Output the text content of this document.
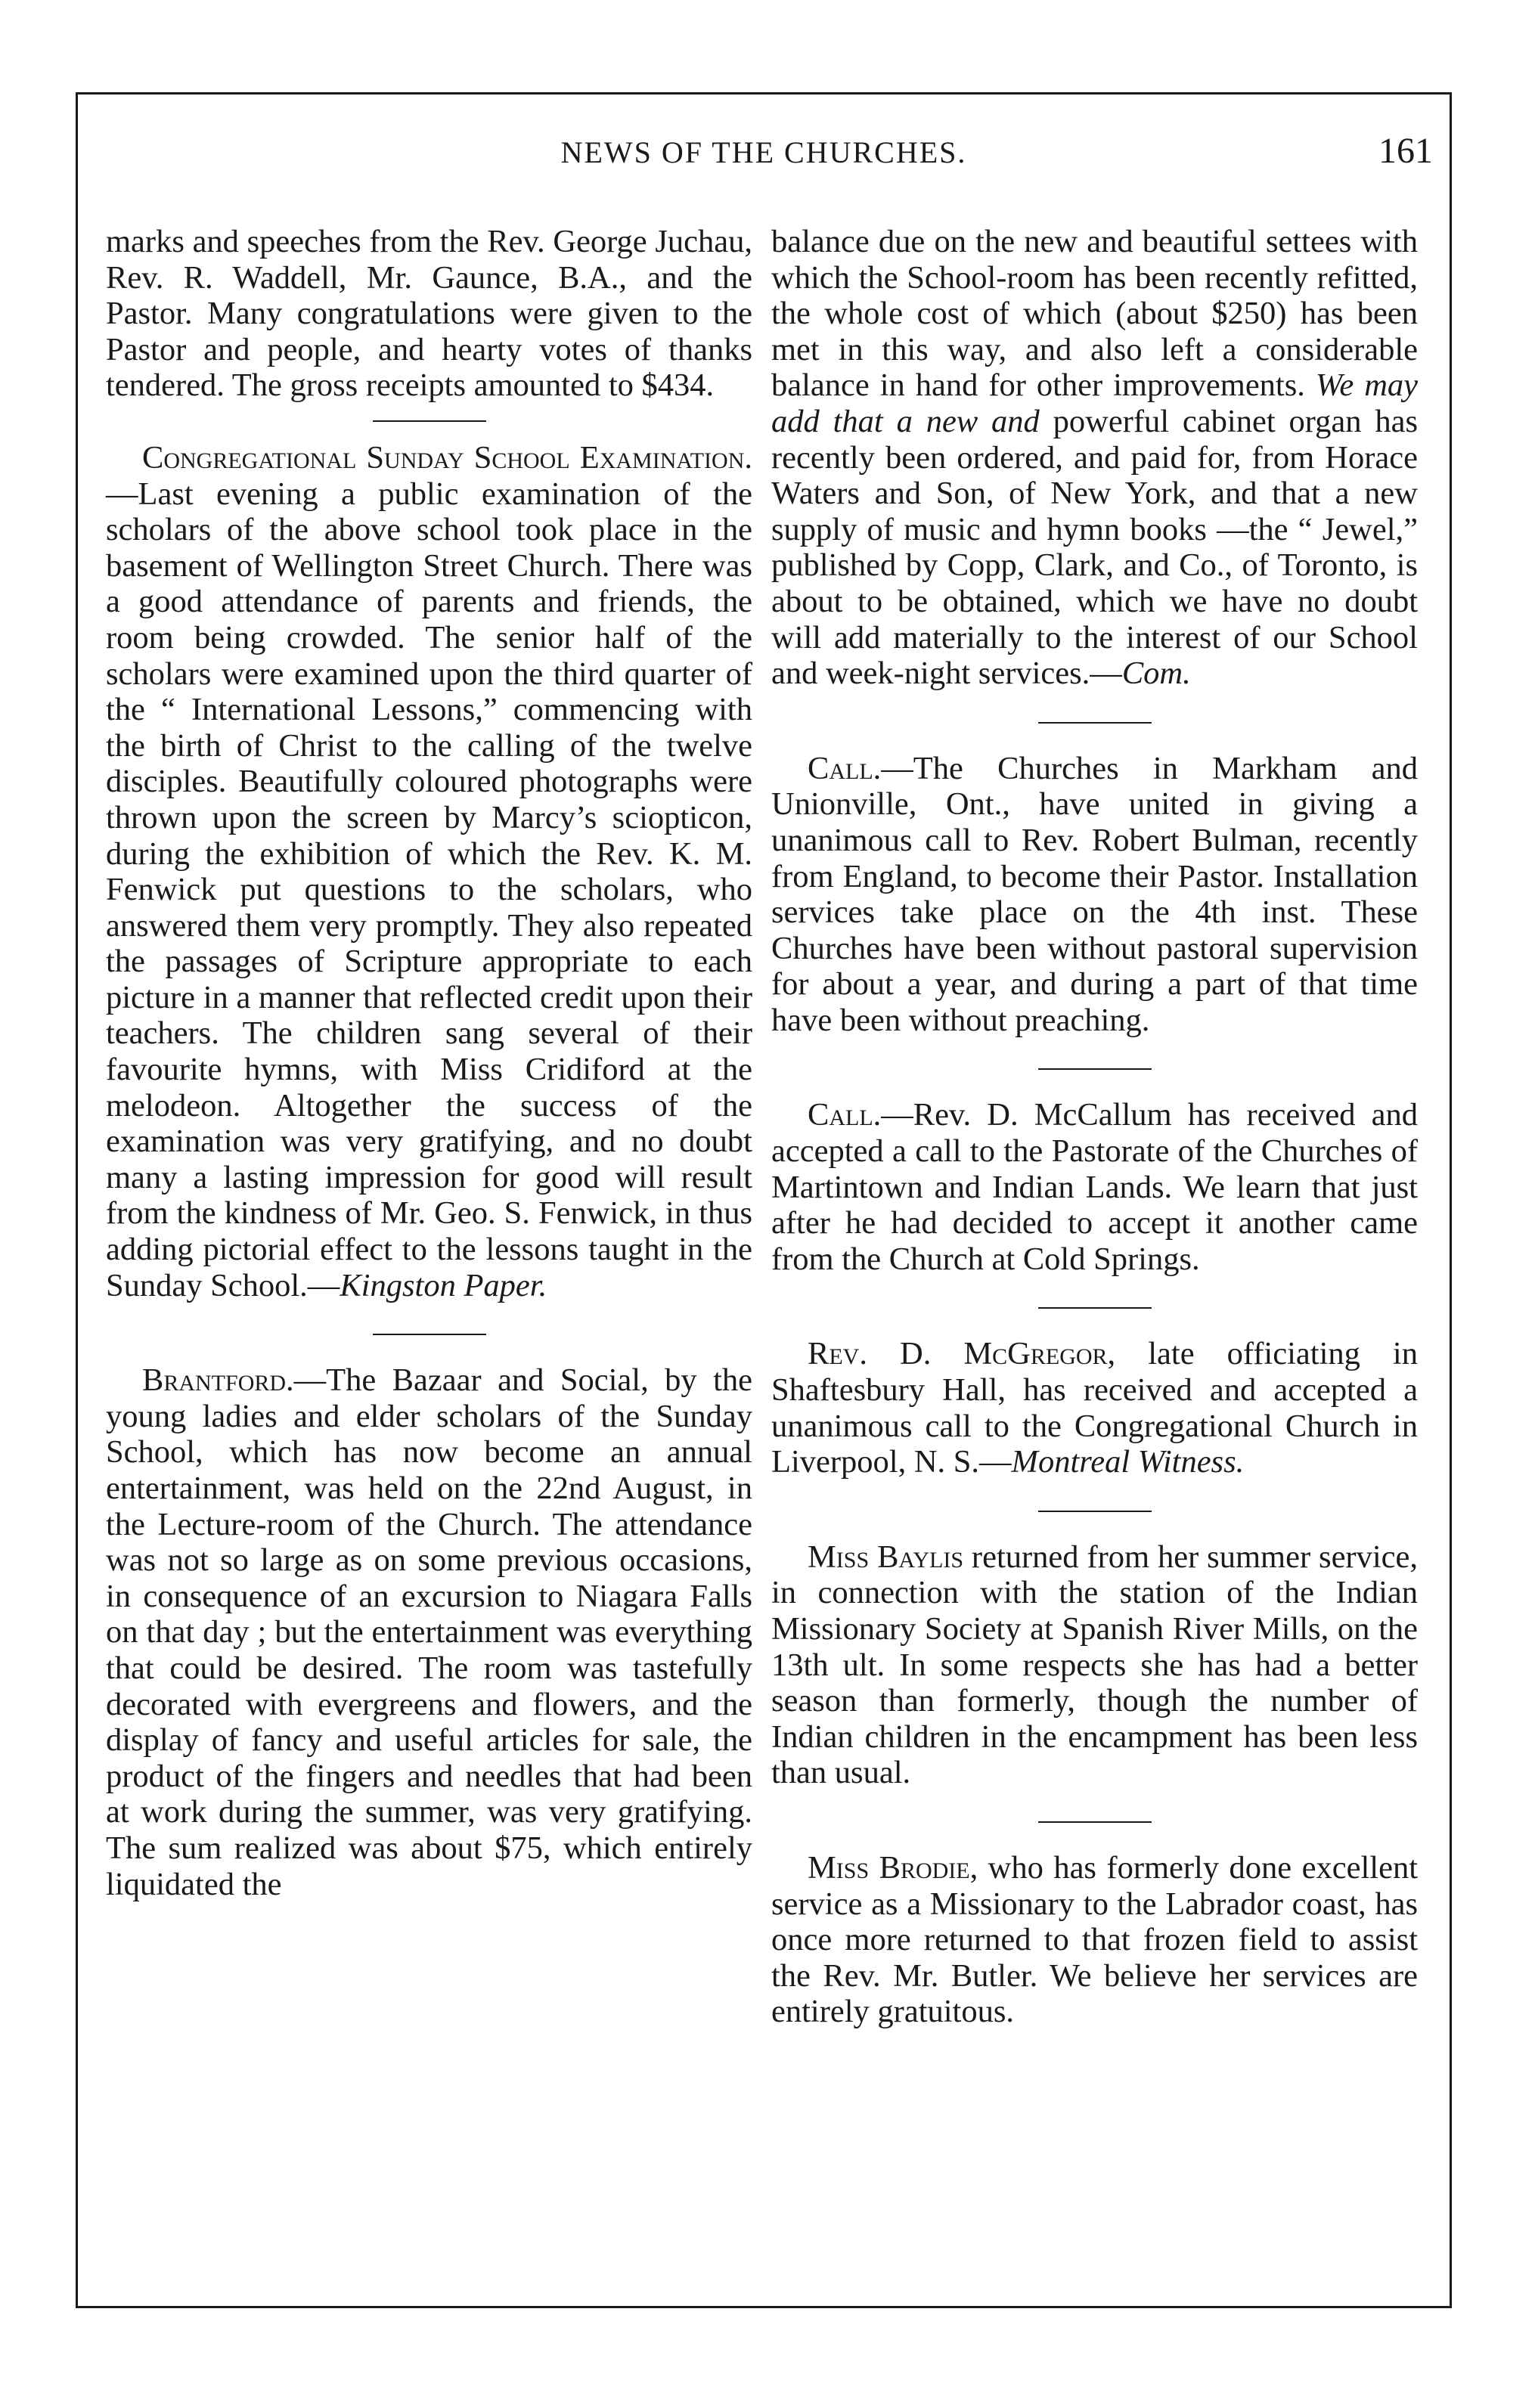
NEWS OF THE CHURCHES.	161

marks and speeches from the Rev. George Juchau, Rev. R. Waddell, Mr. Gaunce, B.A., and the Pastor. Many congratulations were given to the Pastor and people, and hearty votes of thanks tendered. The gross receipts amounted to $434.

Congregational Sunday School Examination.—Last evening a public examination of the scholars of the above school took place in the basement of Wellington Street Church. There was a good attendance of parents and friends, the room being crowded. The senior half of the scholars were examined upon the third quarter of the “ International Lessons,” commencing with the birth of Christ to the calling of the twelve disciples. Beautifully coloured photographs were thrown upon the screen by Marcy’s sciopticon, during the exhibition of which the Rev. K. M. Fenwick put questions to the scholars, who answered them very promptly. They also repeated the passages of Scripture appropriate to each picture in a manner that reflected credit upon their teachers. The children sang several of their favourite hymns, with Miss Cridiford at the melodeon. Altogether the success of the examination was very gratifying, and no doubt many a lasting impression for good will result from the kindness of Mr. Geo. S. Fenwick, in thus adding pictorial effect to the lessons taught in the Sunday School.—Kingston Paper.

Brantford.—The Bazaar and Social, by the young ladies and elder scholars of the Sunday School, which has now become an annual entertainment, was held on the 22nd August, in the Lecture-room of the Church. The attendance was not so large as on some previous occasions, in consequence of an excursion to Niagara Falls on that day ; but the entertainment was everything that could be desired. The room was tastefully decorated with evergreens and flowers, and the display of fancy and useful articles for sale, the product of the fingers and needles that had been at work during the summer, was very gratifying. The sum realized was about $75, which entirely liquidated the

balance due on the new and beautiful settees with which the School-room has been recently refitted, the whole cost of which (about $250) has been met in this way, and also left a considerable balance in hand for other improvements. We may add that a new and powerful cabinet organ has recently been ordered, and paid for, from Horace Waters and Son, of New York, and that a new supply of music and hymn books —the “ Jewel,” published by Copp, Clark, and Co., of Toronto, is about to be obtained, which we have no doubt will add materially to the interest of our School and week-night services.—Com.

Call.—The Churches in Markham and Unionville, Ont., have united in giving a unanimous call to Rev. Robert Bulman, recently from England, to become their Pastor. Installation services take place on the 4th inst. These Churches have been without pastoral supervision for about a year, and during a part of that time have been without preaching.

Call.—Rev. D. McCallum has received and accepted a call to the Pastorate of the Churches of Martintown and Indian Lands. We learn that just after he had decided to accept it another came from the Church at Cold Springs.

Rev. D. McGregor, late officiating in Shaftesbury Hall, has received and accepted a unanimous call to the Congregational Church in Liverpool, N. S.—Montreal Witness.

Miss Baylis returned from her summer service, in connection with the station of the Indian Missionary Society at Spanish River Mills, on the 13th ult. In some respects she has had a better season than formerly, though the number of Indian children in the encampment has been less than usual.

Miss Brodie, who has formerly done excellent service as a Missionary to the Labrador coast, has once more returned to that frozen field to assist the Rev. Mr. Butler. We believe her services are entirely gratuitous.
